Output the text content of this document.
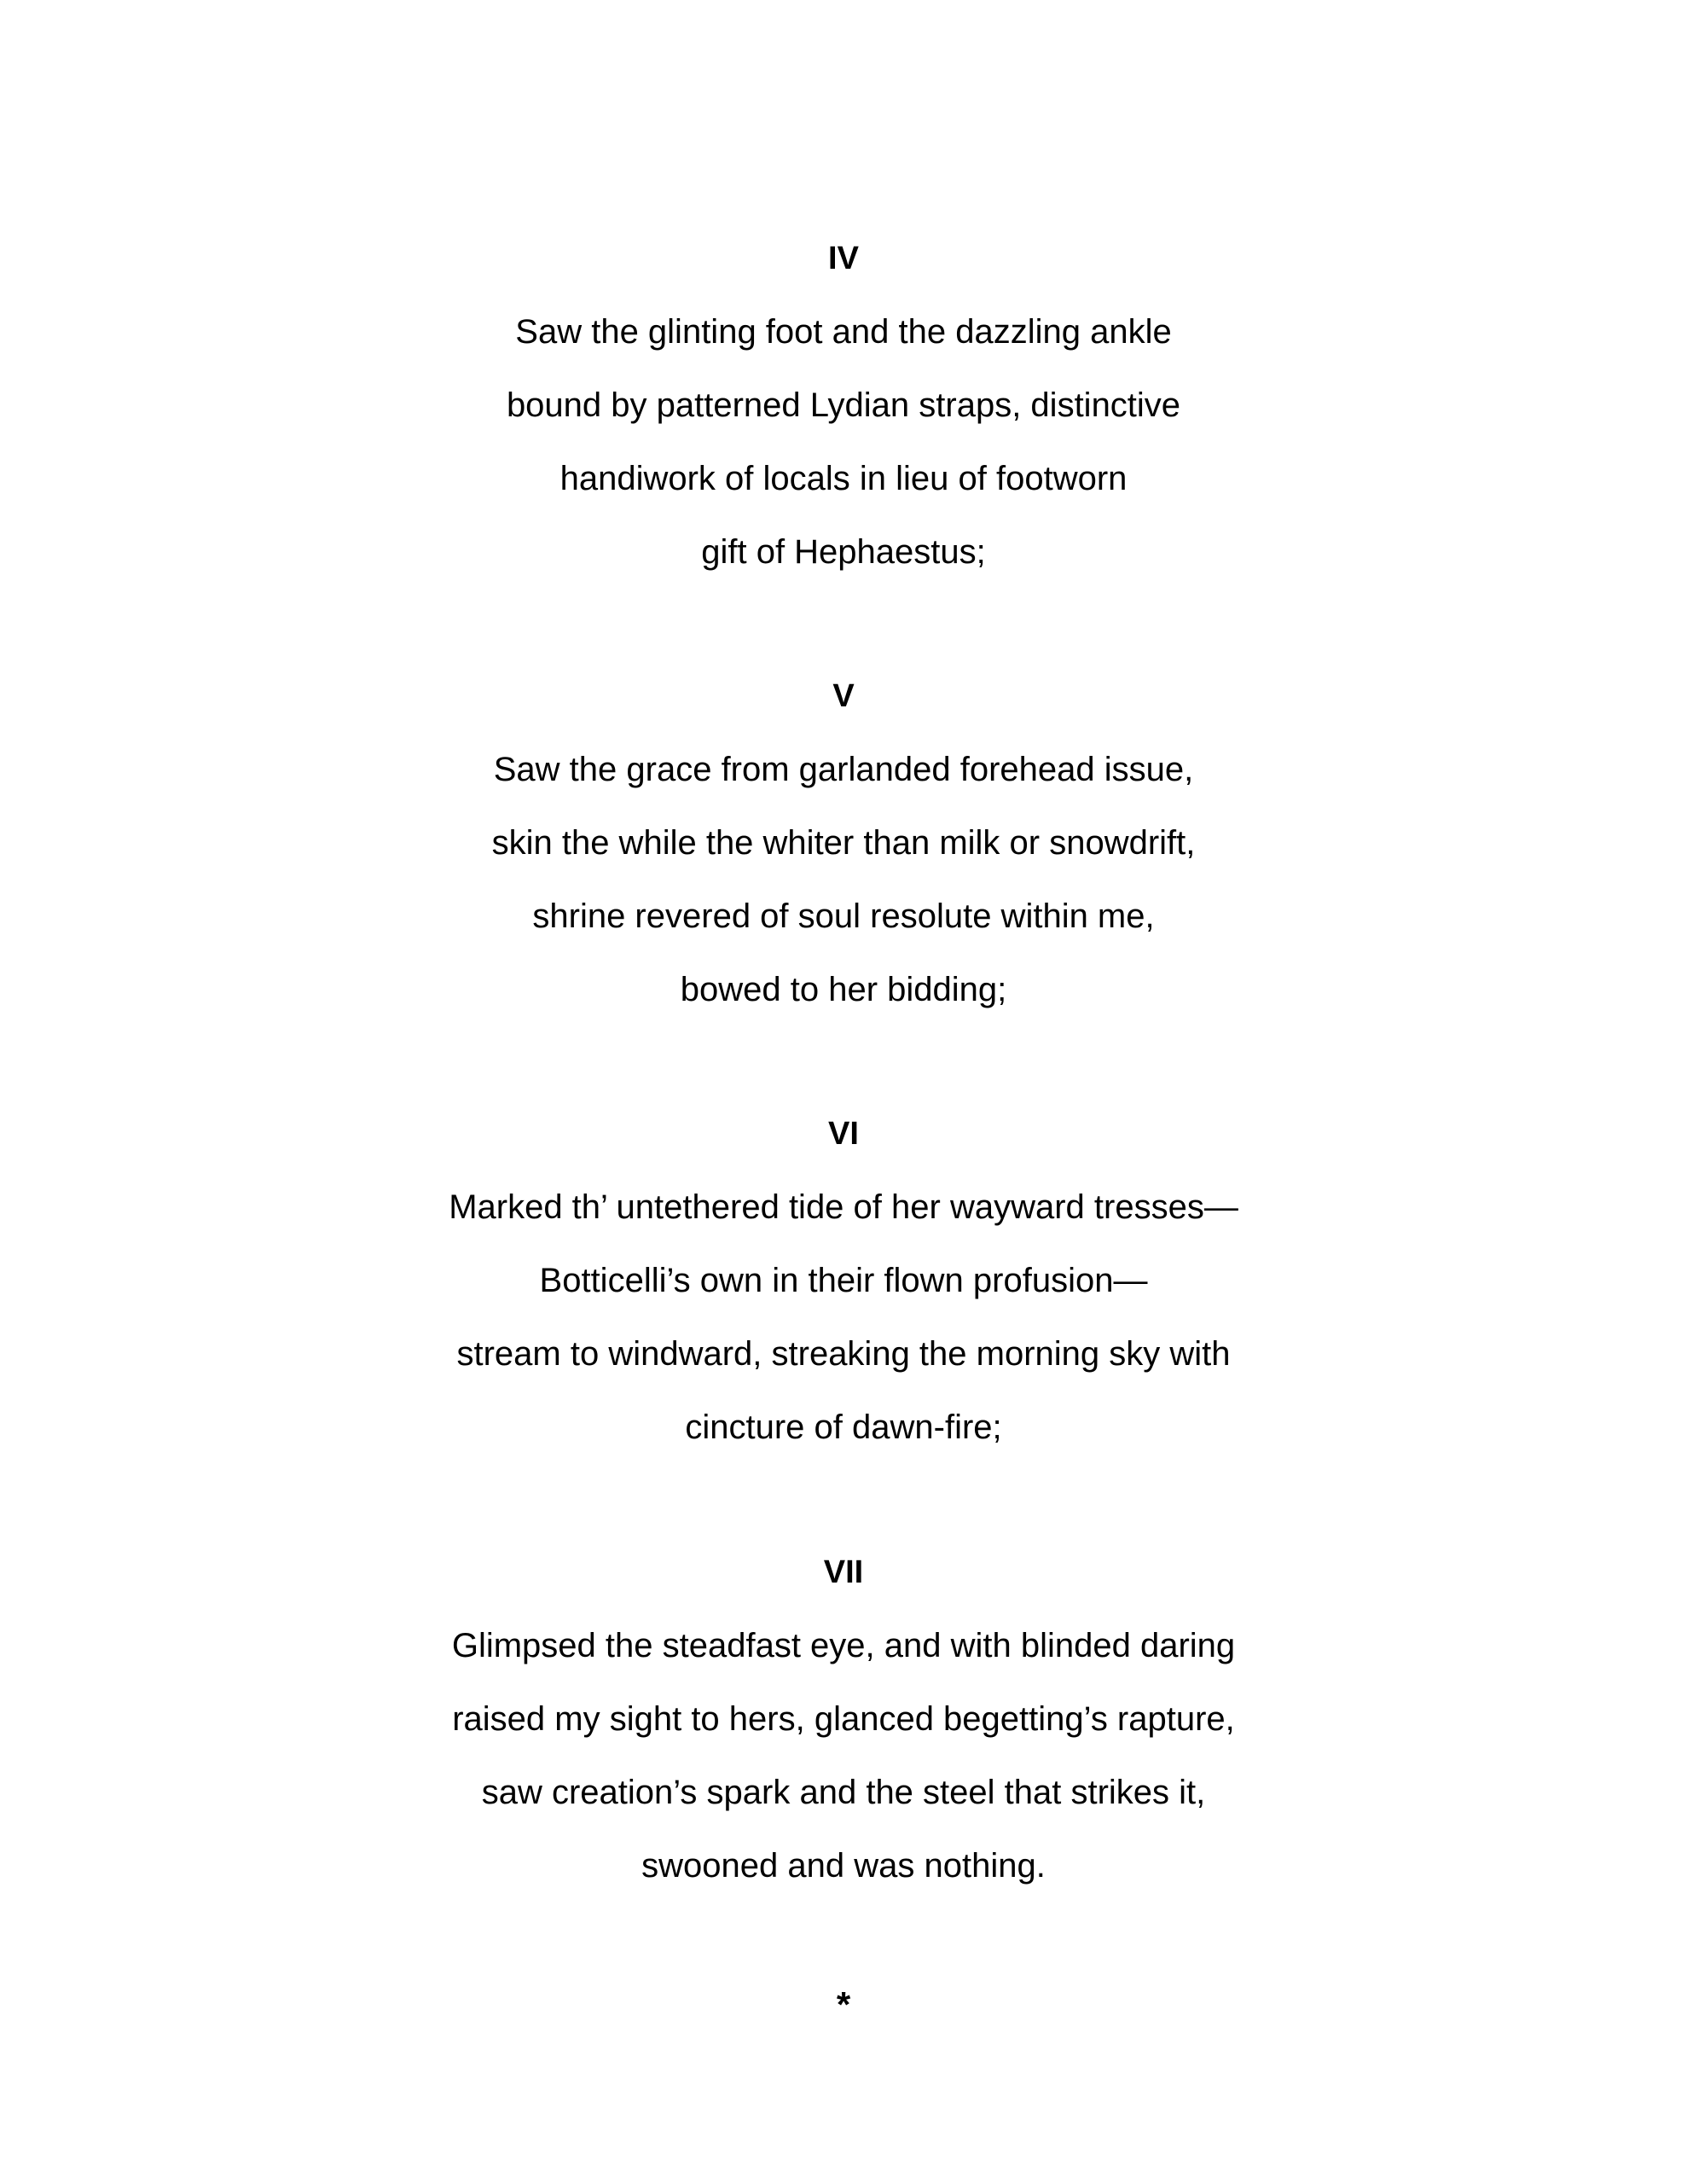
IV
Saw the glinting foot and the dazzling ankle
bound by patterned Lydian straps, distinctive
handiwork of locals in lieu of footworn
gift of Hephaestus;
V
Saw the grace from garlanded forehead issue,
skin the while the whiter than milk or snowdrift,
shrine revered of soul resolute within me,
bowed to her bidding;
VI
Marked th’ untethered tide of her wayward tresses—
Botticelli’s own in their flown profusion—
stream to windward, streaking the morning sky with
cincture of dawn-fire;
VII
Glimpsed the steadfast eye, and with blinded daring
raised my sight to hers, glanced begetting’s rapture,
saw creation’s spark and the steel that strikes it,
swooned and was nothing.
*
